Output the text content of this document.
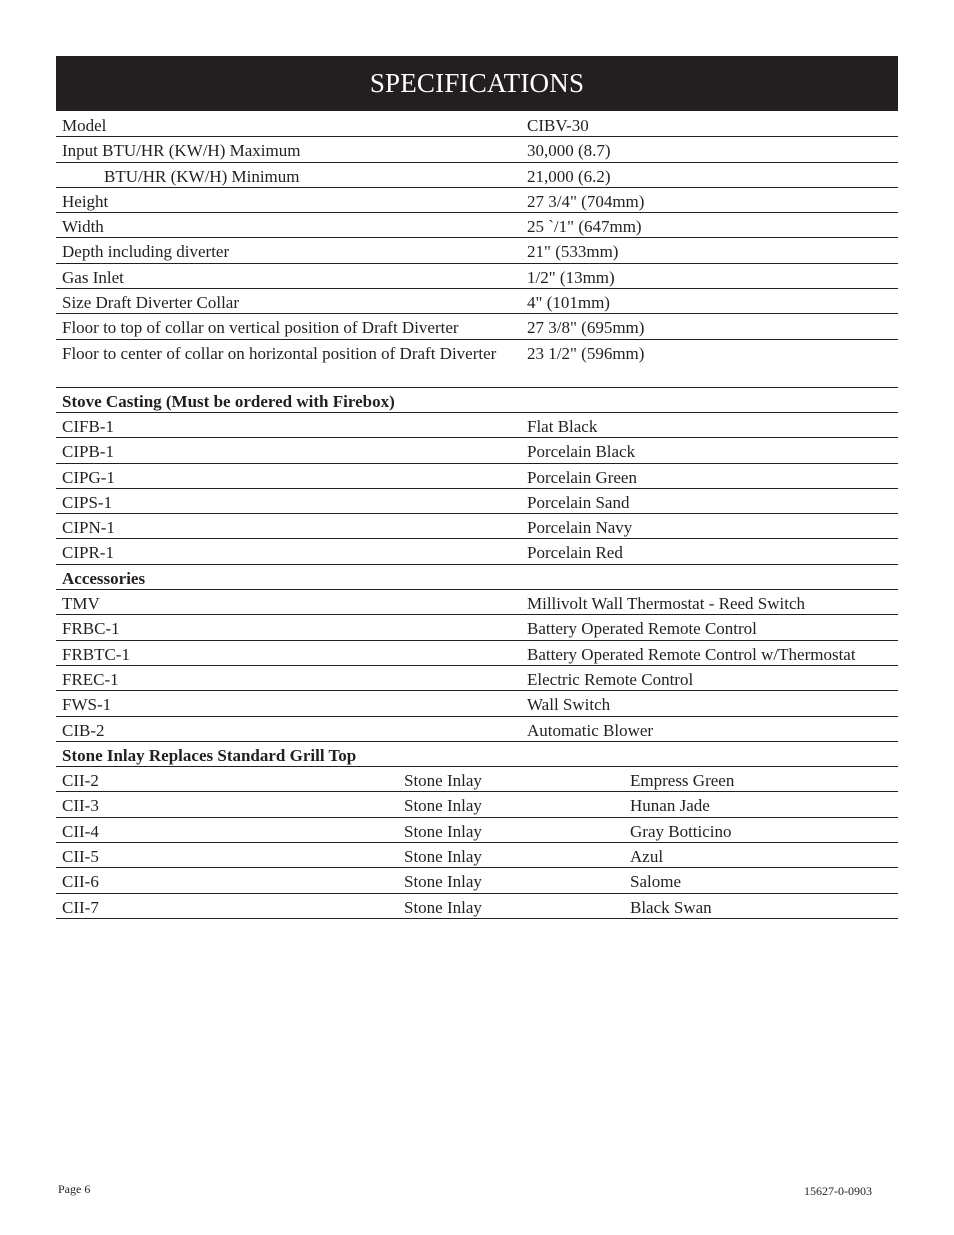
SPECIFICATIONS
Model	CIBV-30
Input BTU/HR (KW/H) Maximum	30,000 (8.7)
BTU/HR (KW/H) Minimum	21,000 (6.2)
Height	27 3/4" (704mm)
Width	25 `/1" (647mm)
Depth including diverter	21" (533mm)
Gas Inlet	1/2" (13mm)
Size Draft Diverter Collar	4" (101mm)
Floor to top of collar on vertical position of Draft Diverter	27 3/8" (695mm)
Floor to center of collar on horizontal position of Draft Diverter	23 1/2" (596mm)
Stove Casting (Must be ordered with Firebox)
CIFB-1	Flat Black
CIPB-1	Porcelain Black
CIPG-1	Porcelain Green
CIPS-1	Porcelain Sand
CIPN-1	Porcelain Navy
CIPR-1	Porcelain Red
Accessories
TMV	Millivolt Wall Thermostat - Reed Switch
FRBC-1	Battery Operated Remote Control
FRBTC-1	Battery Operated Remote Control w/Thermostat
FREC-1	Electric Remote Control
FWS-1	Wall Switch
CIB-2	Automatic Blower
Stone Inlay Replaces Standard Grill Top
CII-2	Stone Inlay	Empress Green
CII-3	Stone Inlay	Hunan Jade
CII-4	Stone Inlay	Gray Botticino
CII-5	Stone Inlay	Azul
CII-6	Stone Inlay	Salome
CII-7	Stone Inlay	Black Swan
Page 6	15627-0-0903
